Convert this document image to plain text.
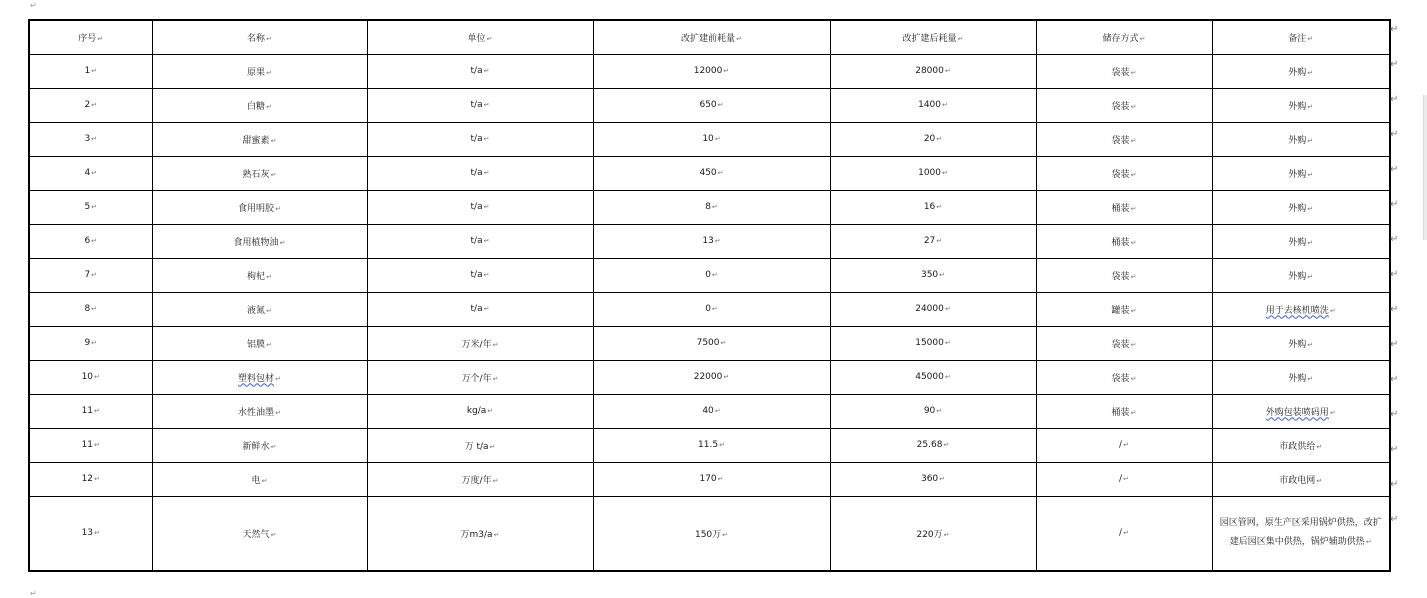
↵
序号↵	名称↵	单位↵	改扩建前耗量↵	改扩建后耗量↵	储存方式↵	备注↵
1↵	原果↵	t/a↵	12000↵	28000↵	袋装↵	外购↵
2↵	白糖↵	t/a↵	650↵	1400↵	袋装↵	外购↵
3↵	甜蜜素↵	t/a↵	10↵	20↵	袋装↵	外购↵
4↵	熟石灰↵	t/a↵	450↵	1000↵	袋装↵	外购↵
5↵	食用明胶↵	t/a↵	8↵	16↵	桶装↵	外购↵
6↵	食用植物油↵	t/a↵	13↵	27↵	桶装↵	外购↵
7↵	枸杞↵	t/a↵	0↵	350↵	袋装↵	外购↵
8↵	液氮↵	t/a↵	0↵	24000↵	罐装↵	用于去核机喷洗↵
9↵	铝膜↵	万米/年↵	7500↵	15000↵	袋装↵	外购↵
10↵	塑料包材↵	万个/年↵	22000↵	45000↵	袋装↵	外购↵
11↵	水性油墨↵	kg/a↵	40↵	90↵	桶装↵	外购包装喷码用↵
11↵	新鲜水↵	万 t/a↵	11.5↵	25.68↵	/↵	市政供给↵
12↵	电↵	万度/年↵	170↵	360↵	/↵	市政电网↵
13↵	天然气↵	万m3/a↵	150万↵	220万↵	/↵	园区管网，原生产区采用锅炉供热，改扩建后园区集中供热，锅炉辅助供热↵
↵
↵
↵
↵
↵
↵
↵
↵
↵
↵
↵
↵
↵
↵
↵
↵
